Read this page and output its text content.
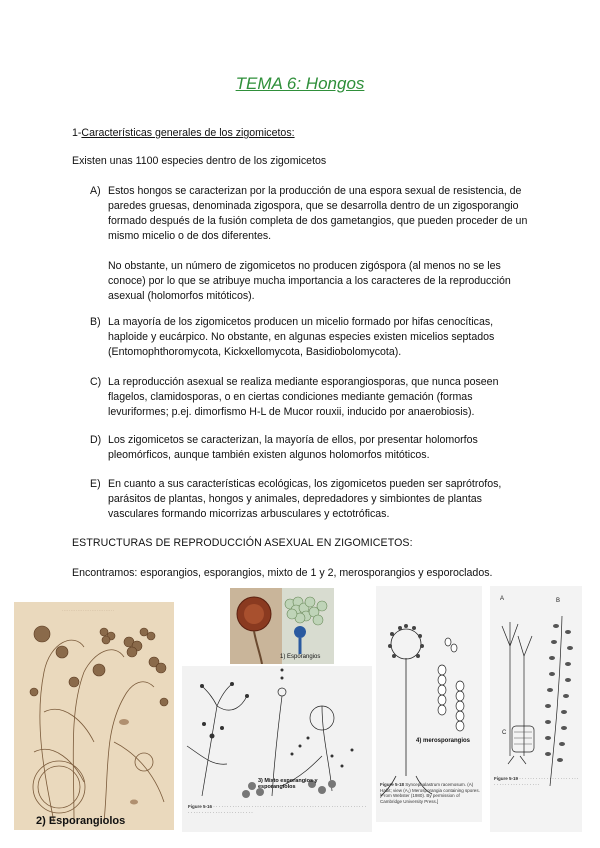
TEMA 6: Hongos
1-Características generales de los zigomicetos:
Existen unas 1100 especies dentro de los zigomicetos
A) Estos hongos se caracterizan por la producción de una espora sexual de resistencia, de paredes gruesas, denominada zigospora, que se desarrolla dentro de un zigosporangio formado después de la fusión completa de dos gametangios, que pueden proceder de un mismo micelio o de dos diferentes.

No obstante, un número de zigomicetos no producen zigóspora (al menos no se les conoce) por lo que se atribuye mucha importancia a los caracteres de la reproducción asexual (holomorfos mitóticos).

B) La mayoría de los zigomicetos producen un micelio formado por hifas cenocíticas, haploide y eucárpico. No obstante, en algunas especies existen micelios septados (Entomophthoromycota, Kickxellomycota, Basidiobolomycota).

C) La reproducción asexual se realiza mediante esporangiosporas, que nunca poseen flagelos, clamidosporas, o en ciertas condiciones mediante gemación (formas levuriformes; p.ej. dimorfismo H-L de Mucor rouxii, inducido por anaerobiosis).

D) Los zigomicetos se caracterizan, la mayoría de ellos, por presentar holomorfos pleomórficos, aunque también existen algunos holomorfos mitóticos.

E) En cuanto a sus características ecológicas, los zigomicetos pueden ser saprótrofos, parásitos de plantas, hongos y animales, depredadores y simbiontes de plantas vasculares formando micorrizas arbusculares y ectotróficas.

ESTRUCTURAS DE REPRODUCCIÓN ASEXUAL EN ZIGOMICETOS:
Encontramos: esporangios, esporangios, mixto de 1 y 2, merosporangios y esporoclados.
· · · · · · · · · · · · · · · · · · · · · · · · · · · · · ·
2) Esporangiolos
1) Esporangios
3) Mixto esporangios y esporangiolos
Figure 5-16 · · · · · · · · · · · · · · · · · · · · · · · · · · · · · · · · · · · · · · · · · · · · · · · · · · · · · · · · · · · · · · · · · · · · · · · · · · · · · · · ·
4) merosporangios
Figure 5-18 Syncephalastrum racemosum. (A) Habit; view (A₁) Merosporangia containing spores. [From Webster (1980). By permission of Cambridge University Press.]
A	B
C
Figure 5-19 · · · · · · · · · · · · · · · · · · · · · · · · · · · · · · · · · · · · · · ·
